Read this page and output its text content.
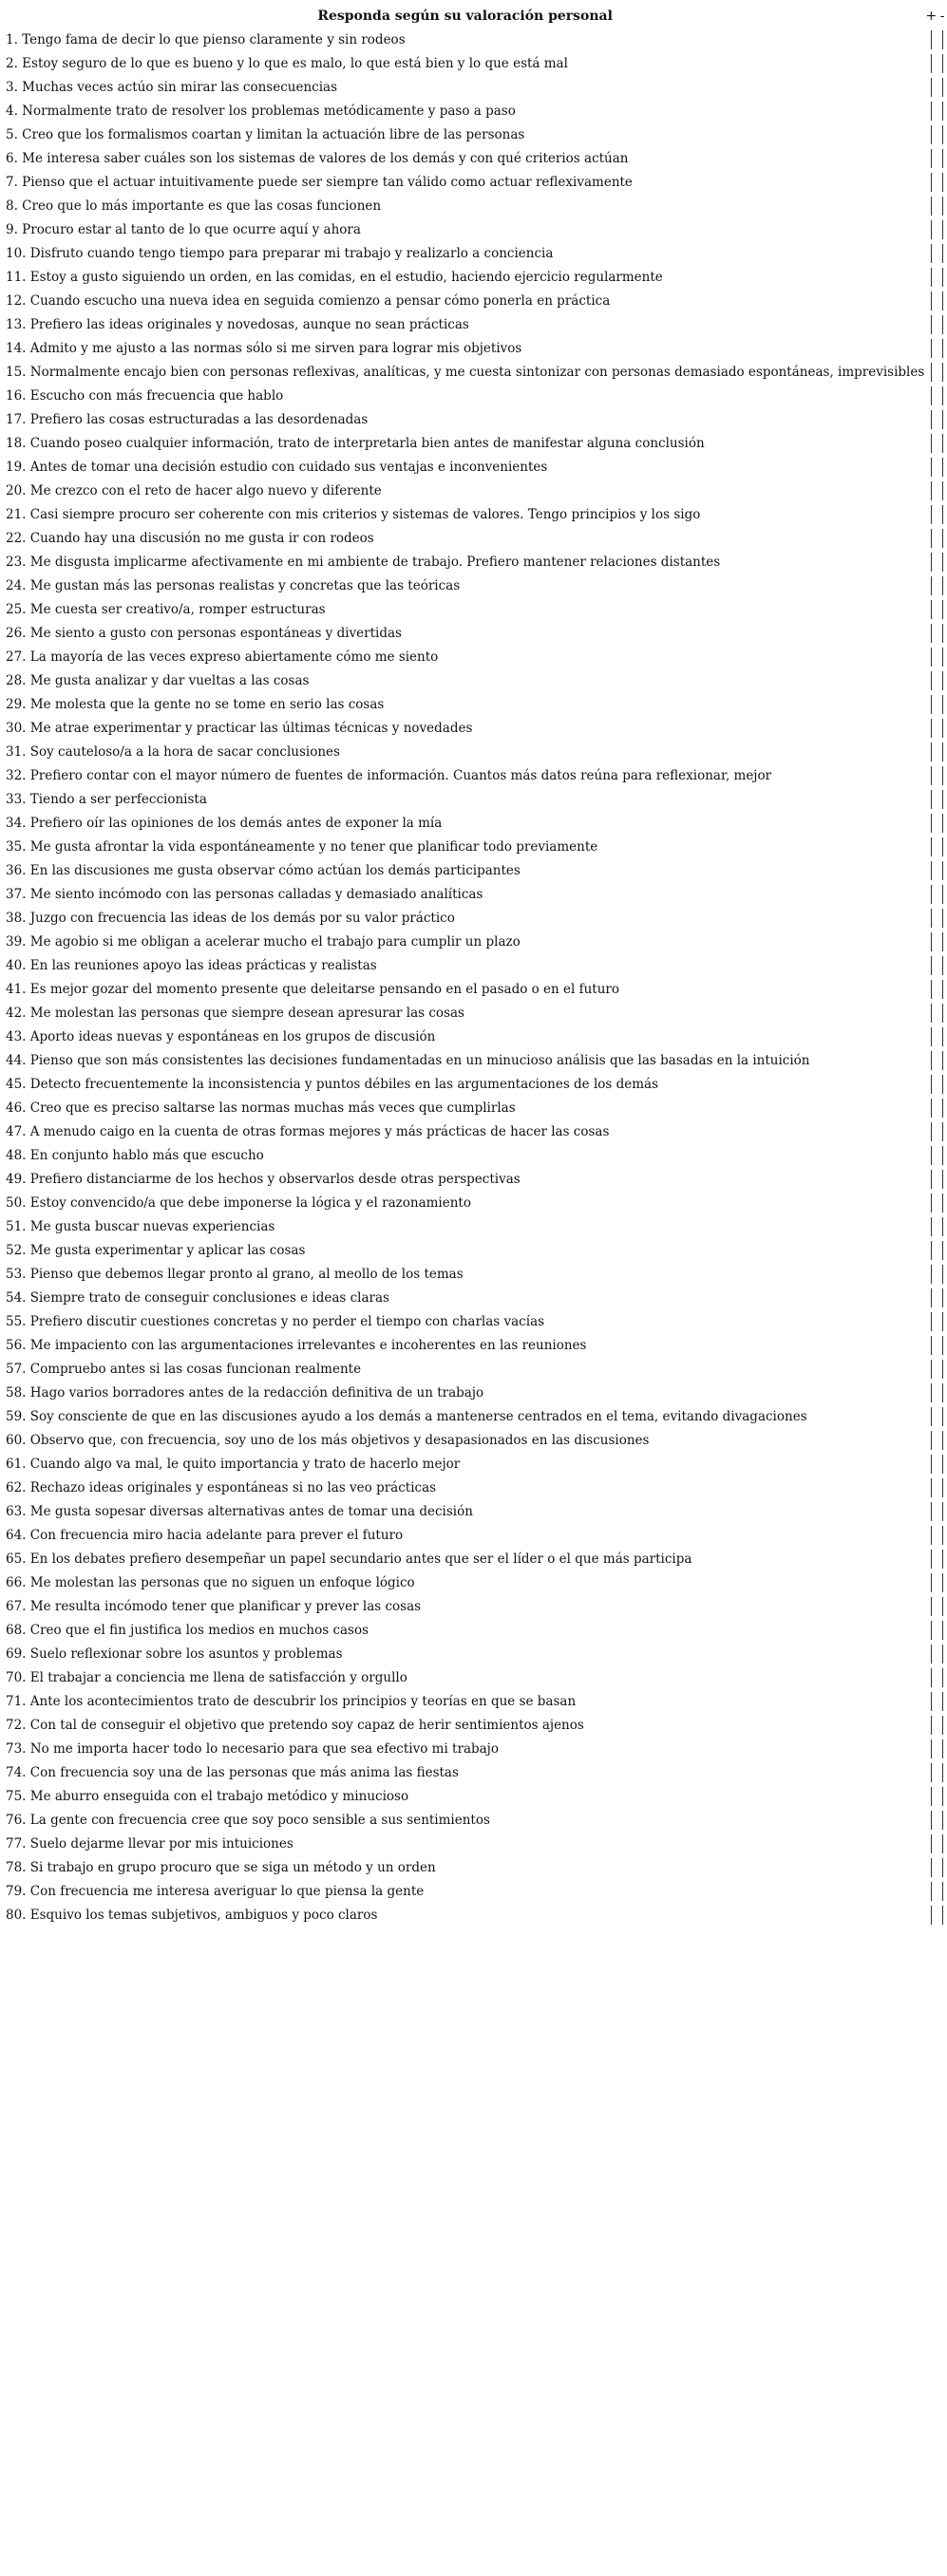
Responda según su valoración personal	+	-
1. Tengo fama de decir lo que pienso claramente y sin rodeos		
2. Estoy seguro de lo que es bueno y lo que es malo, lo que está bien y lo que está mal		
3. Muchas veces actúo sin mirar las consecuencias		
4. Normalmente trato de resolver los problemas metódicamente y paso a paso		
5. Creo que los formalismos coartan y limitan la actuación libre de las personas		
6. Me interesa saber cuáles son los sistemas de valores de los demás y con qué criterios actúan		
7. Pienso que el actuar intuitivamente puede ser siempre tan válido como actuar reflexivamente		
8. Creo que lo más importante es que las cosas funcionen		
9. Procuro estar al tanto de lo que ocurre aquí y ahora		
10. Disfruto cuando tengo tiempo para preparar mi trabajo y realizarlo a conciencia		
11. Estoy a gusto siguiendo un orden, en las comidas, en el estudio, haciendo ejercicio regularmente		
12. Cuando escucho una nueva idea en seguida comienzo a pensar cómo ponerla en práctica		
13. Prefiero las ideas originales y novedosas, aunque no sean prácticas		
14. Admito y me ajusto a las normas sólo si me sirven para lograr mis objetivos		
15. Normalmente encajo bien con personas reflexivas, analíticas, y me cuesta sintonizar con personas demasiado espontáneas, imprevisibles		
16. Escucho con más frecuencia que hablo		
17. Prefiero las cosas estructuradas a las desordenadas		
18. Cuando poseo cualquier información, trato de interpretarla bien antes de manifestar alguna conclusión		
19. Antes de tomar una decisión estudio con cuidado sus ventajas e inconvenientes		
20. Me crezco con el reto de hacer algo nuevo y diferente		
21. Casi siempre procuro ser coherente con mis criterios y sistemas de valores. Tengo principios y los sigo		
22. Cuando hay una discusión no me gusta ir con rodeos		
23. Me disgusta implicarme afectivamente en mi ambiente de trabajo. Prefiero mantener relaciones distantes		
24. Me gustan más las personas realistas y concretas que las teóricas		
25. Me cuesta ser creativo/a, romper estructuras		
26. Me siento a gusto con personas espontáneas y divertidas		
27. La mayoría de las veces expreso abiertamente cómo me siento		
28. Me gusta analizar y dar vueltas a las cosas		
29. Me molesta que la gente no se tome en serio las cosas		
30. Me atrae experimentar y practicar las últimas técnicas y novedades		
31. Soy cauteloso/a a la hora de sacar conclusiones		
32. Prefiero contar con el mayor número de fuentes de información. Cuantos más datos reúna para reflexionar, mejor		
33. Tiendo a ser perfeccionista		
34. Prefiero oír las opiniones de los demás antes de exponer la mía		
35. Me gusta afrontar la vida espontáneamente y no tener que planificar todo previamente		
36. En las discusiones me gusta observar cómo actúan los demás participantes		
37. Me siento incómodo con las personas calladas y demasiado analíticas		
38. Juzgo con frecuencia las ideas de los demás por su valor práctico		
39. Me agobio si me obligan a acelerar mucho el trabajo para cumplir un plazo		
40. En las reuniones apoyo las ideas prácticas y realistas		
41. Es mejor gozar del momento presente que deleitarse pensando en el pasado o en el futuro		
42. Me molestan las personas que siempre desean apresurar las cosas		
43. Aporto ideas nuevas y espontáneas en los grupos de discusión		
44. Pienso que son más consistentes las decisiones fundamentadas en un minucioso análisis que las basadas en la intuición		
45. Detecto frecuentemente la inconsistencia y puntos débiles en las argumentaciones de los demás		
46. Creo que es preciso saltarse las normas muchas más veces que cumplirlas		
47. A menudo caigo en la cuenta de otras formas mejores y más prácticas de hacer las cosas		
48. En conjunto hablo más que escucho		
49. Prefiero distanciarme de los hechos y observarlos desde otras perspectivas		
50. Estoy convencido/a que debe imponerse la lógica y el razonamiento		
51. Me gusta buscar nuevas experiencias		
52. Me gusta experimentar y aplicar las cosas		
53. Pienso que debemos llegar pronto al grano, al meollo de los temas		
54. Siempre trato de conseguir conclusiones e ideas claras		
55. Prefiero discutir cuestiones concretas y no perder el tiempo con charlas vacías		
56. Me impaciento con las argumentaciones irrelevantes e incoherentes en las reuniones		
57. Compruebo antes si las cosas funcionan realmente		
58. Hago varios borradores antes de la redacción definitiva de un trabajo		
59. Soy consciente de que en las discusiones ayudo a los demás a mantenerse centrados en el tema, evitando divagaciones		
60. Observo que, con frecuencia, soy uno de los más objetivos y desapasionados en las discusiones		
61. Cuando algo va mal, le quito importancia y trato de hacerlo mejor		
62. Rechazo ideas originales y espontáneas si no las veo prácticas		
63. Me gusta sopesar diversas alternativas antes de tomar una decisión		
64. Con frecuencia miro hacia adelante para prever el futuro		
65. En los debates prefiero desempeñar un papel secundario antes que ser el líder o el que más participa		
66. Me molestan las personas que no siguen un enfoque lógico		
67. Me resulta incómodo tener que planificar y prever las cosas		
68. Creo que el fin justifica los medios en muchos casos		
69. Suelo reflexionar sobre los asuntos y problemas		
70. El trabajar a conciencia me llena de satisfacción y orgullo		
71. Ante los acontecimientos trato de descubrir los principios y teorías en que se basan		
72. Con tal de conseguir el objetivo que pretendo soy capaz de herir sentimientos ajenos		
73. No me importa hacer todo lo necesario para que sea efectivo mi trabajo		
74. Con frecuencia soy una de las personas que más anima las fiestas		
75. Me aburro enseguida con el trabajo metódico y minucioso		
76. La gente con frecuencia cree que soy poco sensible a sus sentimientos		
77. Suelo dejarme llevar por mis intuiciones		
78. Si trabajo en grupo procuro que se siga un método y un orden		
79. Con frecuencia me interesa averiguar lo que piensa la gente		
80. Esquivo los temas subjetivos, ambiguos y poco claros		
